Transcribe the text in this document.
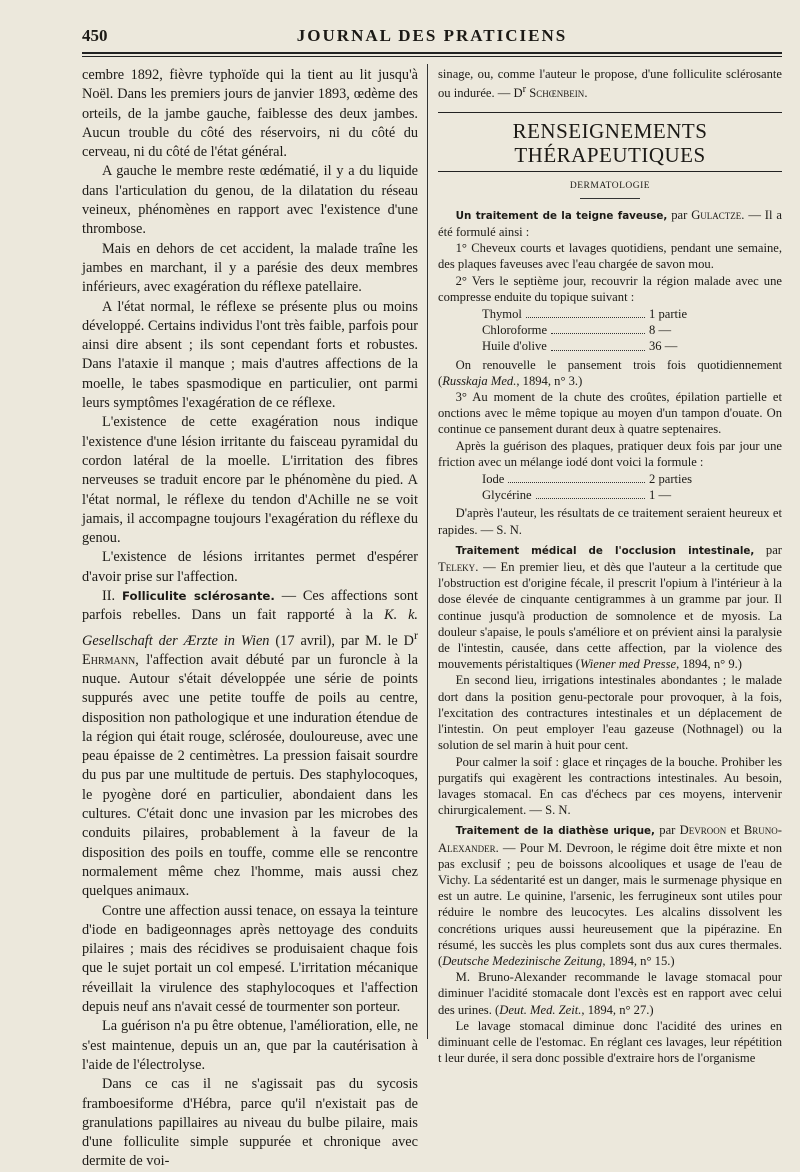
450	JOURNAL DES PRATICIENS

cembre 1892, fièvre typhoïde qui la tient au lit jusqu'à Noël. Dans les premiers jours de janvier 1893, œdème des orteils, de la jambe gauche, faiblesse des deux jambes. Aucun trouble du côté des réservoirs, ni du côté du cerveau, ni du côté de l'état général.

A gauche le membre reste œdématié, il y a du liquide dans l'articulation du genou, de la dilatation du réseau veineux, phénomènes en rapport avec l'existence d'une thrombose.

Mais en dehors de cet accident, la malade traîne les jambes en marchant, il y a parésie des deux membres inférieurs, avec exagération du réflexe patellaire.

A l'état normal, le réflexe se présente plus ou moins développé. Certains individus l'ont très faible, parfois pour ainsi dire absent ; ils sont cependant forts et robustes. Dans l'ataxie il manque ; mais d'autres affections de la moelle, le tabes spasmodique en particulier, ont parmi leurs symptômes l'exagération de ce réflexe.

L'existence de cette exagération nous indique l'existence d'une lésion irritante du faisceau pyramidal du cordon latéral de la moelle. L'irritation des fibres nerveuses se traduit encore par le phénomène du pied. A l'état normal, le réflexe du tendon d'Achille ne se voit jamais, il accompagne toujours l'exagération du réflexe du genou.

L'existence de lésions irritantes permet d'espérer d'avoir prise sur l'affection.

II. Folliculite sclérosante. — Ces affections sont parfois rebelles. Dans un fait rapporté à la K. k. Gesellschaft der Ærzte in Wien (17 avril), par M. le $D^r$ Ehrmann, l'affection avait débuté par un furoncle à la nuque. Autour s'était développée une série de points suppurés avec une petite touffe de poils au centre, disposition non pathologique et une induration étendue de la région qui était rouge, sclérosée, douloureuse, avec une peau épaisse de 2 centimètres. La pression faisait sourdre du pus par une multitude de pertuis. Des staphylocoques, le pyogène doré en particulier, abondaient dans les cultures. C'était donc une invasion par les microbes des conduits pilaires, probablement à la faveur de la disposition des poils en touffe, comme elle se rencontre normalement même chez l'homme, mais aussi chez quelques animaux.

Contre une affection aussi tenace, on essaya la teinture d'iode en badigeonnages après nettoyage des conduits pilaires ; mais des récidives se produisaient chaque fois que le sujet portait un col empesé. L'irritation mécanique réveillait la virulence des staphylocoques et l'affection depuis neuf ans n'avait cessé de tourmenter son porteur.

La guérison n'a pu être obtenue, l'amélioration, elle, ne s'est maintenue, depuis un an, que par la cautérisation à l'aide de l'électrolyse.

Dans ce cas il ne s'agissait pas du sycosis framboesiforme d'Hébra, parce qu'il n'existait pas de granulations papillaires au niveau du bulbe pilaire, mais d'une folliculite simple suppurée et chronique avec dermite de voi-

sinage, ou, comme l'auteur le propose, d'une folliculite sclérosante ou indurée. — $D^r$ Schœnbein.

RENSEIGNEMENTS THÉRAPEUTIQUES
DERMATOLOGIE

Un traitement de la teigne faveuse, par Gulactze. — Il a été formulé ainsi :

1° Cheveux courts et lavages quotidiens, pendant une semaine, des plaques faveuses avec l'eau chargée de savon mou.

2° Vers le septième jour, recouvrir la région malade avec une compresse enduite du topique suivant :

Thymol	1 partie
Chloroforme	8 —
Huile d'olive	36 —

On renouvelle le pansement trois fois quotidiennement (Russkaja Med., 1894, n° 3.)

3° Au moment de la chute des croûtes, épilation partielle et onctions avec le même topique au moyen d'un tampon d'ouate. On continue ce pansement durant deux à quatre septenaires.

Après la guérison des plaques, pratiquer deux fois par jour une friction avec un mélange iodé dont voici la formule :

Iode	2 parties
Glycérine	1 —

D'après l'auteur, les résultats de ce traitement seraient heureux et rapides. — S. N.

Traitement médical de l'occlusion intestinale, par Teleky. — En premier lieu, et dès que l'auteur a la certitude que l'obstruction est d'origine fécale, il prescrit l'opium à l'intérieur à la dose élevée de cinquante centigrammes à un gramme par jour. Il continue jusqu'à production de somnolence et de myosis. La douleur s'apaise, le pouls s'améliore et on prévient ainsi la paralysie de l'intestin, causée, dans cette affection, par la violence des mouvements péristaltiques (Wiener med Presse, 1894, n° 9.)

En second lieu, irrigations intestinales abondantes ; le malade dort dans la position genu-pectorale pour provoquer, à la fois, l'excitation des contractures intestinales et un déplacement de l'intestin. On peut employer l'eau gazeuse (Nothnagel) ou la solution de sel marin à huit pour cent.

Pour calmer la soif : glace et rinçages de la bouche. Prohiber les purgatifs qui exagèrent les contractions intestinales. Au besoin, lavages stomacal. En cas d'échecs par ces moyens, intervenir chirurgicalement. — S. N.

Traitement de la diathèse urique, par Devroon et Bruno-Alexander. — Pour M. Devroon, le régime doit être mixte et non pas exclusif ; peu de boissons alcooliques et usage de l'eau de Vichy. La sédentarité est un danger, mais le surmenage physique en est un autre. Le quinine, l'arsenic, les ferrugineux sont utiles pour réduire le nombre des leucocytes. Les alcalins dissolvent les concrétions uriques aussi heureusement que la pipérazine. En résumé, les succès les plus complets sont dus aux cures thermales. (Deutsche Medezinische Zeitung, 1894, n° 15.)

M. Bruno-Alexander recommande le lavage stomacal pour diminuer l'acidité stomacale dont l'excès est en rapport avec celui des urines. (Deut. Med. Zeit., 1894, n° 27.)

Le lavage stomacal diminue donc l'acidité des urines en diminuant celle de l'estomac. En réglant ces lavages, leur répétition t leur durée, il sera donc possible d'extraire hors de l'organisme
